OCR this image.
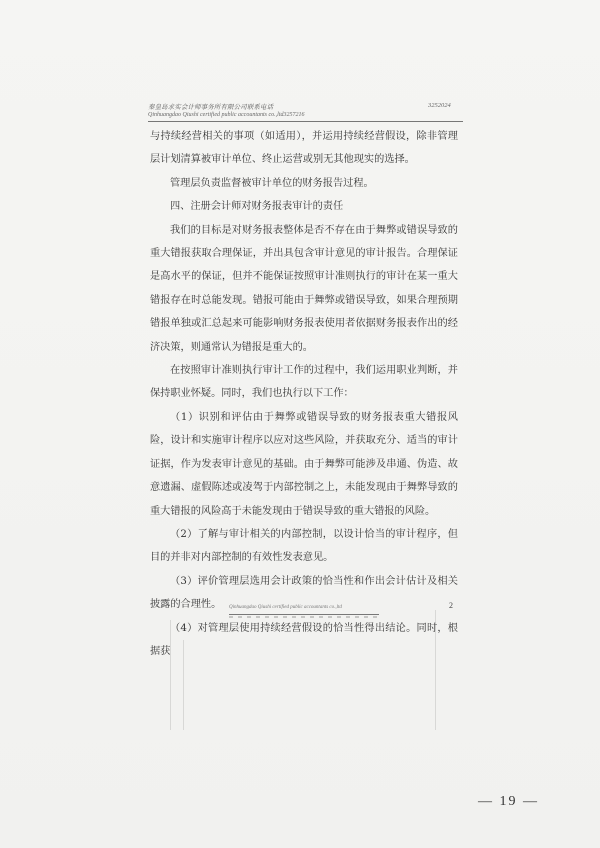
秦皇岛求实会计师事务所有限公司联系电话
Qinhuangdao Qiushi certified public accountants co.,ltd3257216
3252024

与持续经营相关的事项（如适用），并运用持续经营假设，除非管理层计划清算被审计单位、终止运营或别无其他现实的选择。

管理层负责监督被审计单位的财务报告过程。

四、注册会计师对财务报表审计的责任

我们的目标是对财务报表整体是否不存在由于舞弊或错误导致的重大错报获取合理保证，并出具包含审计意见的审计报告。合理保证是高水平的保证，但并不能保证按照审计准则执行的审计在某一重大错报存在时总能发现。错报可能由于舞弊或错误导致，如果合理预期错报单独或汇总起来可能影响财务报表使用者依据财务报表作出的经济决策，则通常认为错报是重大的。

在按照审计准则执行审计工作的过程中，我们运用职业判断，并保持职业怀疑。同时，我们也执行以下工作：

（1）识别和评估由于舞弊或错误导致的财务报表重大错报风险，设计和实施审计程序以应对这些风险，并获取充分、适当的审计证据，作为发表审计意见的基础。由于舞弊可能涉及串通、伪造、故意遗漏、虚假陈述或凌驾于内部控制之上，未能发现由于舞弊导致的重大错报的风险高于未能发现由于错误导致的重大错报的风险。

（2）了解与审计相关的内部控制，以设计恰当的审计程序，但目的并非对内部控制的有效性发表意见。

（3）评价管理层选用会计政策的恰当性和作出会计估计及相关披露的合理性。

（4）对管理层使用持续经营假设的恰当性得出结论。同时，根据获

2
Qinhuangdao Qiushi certified public accountants co.,ltd
— 19 —
